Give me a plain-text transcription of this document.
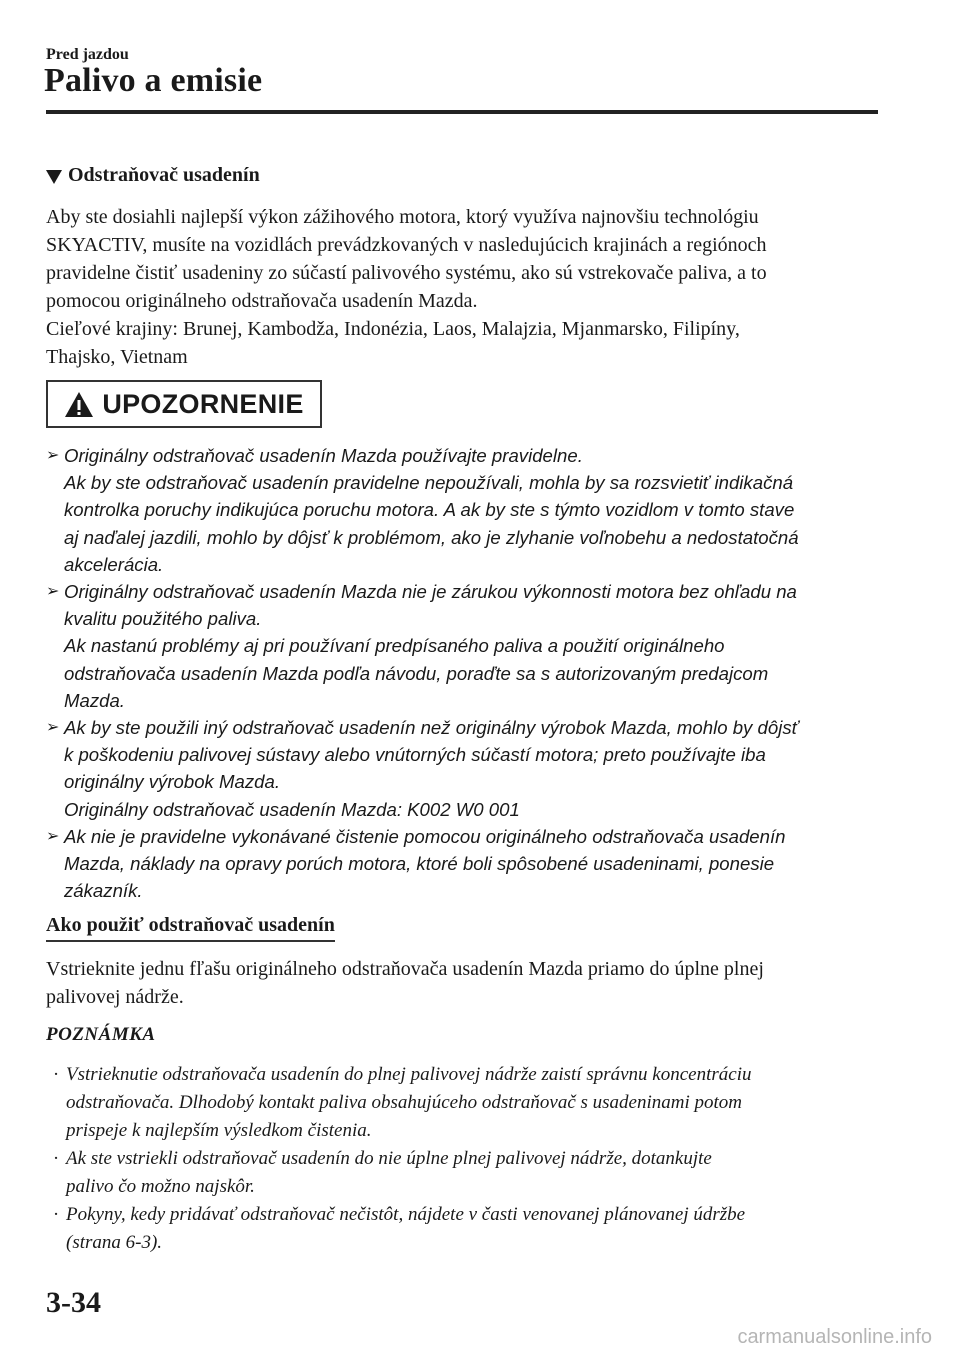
Pred jazdou
Palivo a emisie
Odstraňovač usadenín

Aby ste dosiahli najlepší výkon zážihového motora, ktorý využíva najnovšiu technológiu

SKYACTIV, musíte na vozidlách prevádzkovaných v nasledujúcich krajinách a regiónoch

pravidelne čistiť usadeniny zo súčastí palivového systému, ako sú vstrekovače paliva, a to

pomocou originálneho odstraňovača usadenín Mazda.

Cieľové krajiny: Brunej, Kambodža, Indonézia, Laos, Malajzia, Mjanmarsko, Filipíny,

Thajsko, Vietnam

UPOZORNENIE
➢ Originálny odstraňovač usadenín Mazda používajte pravidelne.
Ak by ste odstraňovač usadenín pravidelne nepoužívali, mohla by sa rozsvietiť indikačná
kontrolka poruchy indikujúca poruchu motora. A ak by ste s týmto vozidlom v tomto stave
aj naďalej jazdili, mohlo by dôjsť k problémom, ako je zlyhanie voľnobehu a nedostatočná
akcelerácia.
➢ Originálny odstraňovač usadenín Mazda nie je zárukou výkonnosti motora bez ohľadu na
kvalitu použitého paliva.
Ak nastanú problémy aj pri používaní predpísaného paliva a použití originálneho
odstraňovača usadenín Mazda podľa návodu, poraďte sa s autorizovaným predajcom
Mazda.
➢ Ak by ste použili iný odstraňovač usadenín než originálny výrobok Mazda, mohlo by dôjsť
k poškodeniu palivovej sústavy alebo vnútorných súčastí motora; preto používajte iba
originálny výrobok Mazda.
Originálny odstraňovač usadenín Mazda: K002 W0 001
➢ Ak nie je pravidelne vykonávané čistenie pomocou originálneho odstraňovača usadenín
Mazda, náklady na opravy porúch motora, ktoré boli spôsobené usadeninami, ponesie
zákazník.
Ako použiť odstraňovač usadenín
Vstrieknite jednu fľašu originálneho odstraňovača usadenín Mazda priamo do úplne plnej
palivovej nádrže.
POZNÁMKA
· Vstrieknutie odstraňovača usadenín do plnej palivovej nádrže zaistí správnu koncentráciu
odstraňovača. Dlhodobý kontakt paliva obsahujúceho odstraňovač s usadeninami potom
prispeje k najlepším výsledkom čistenia.
· Ak ste vstriekli odstraňovač usadenín do nie úplne plnej palivovej nádrže, dotankujte
palivo čo možno najskôr.
· Pokyny, kedy pridávať odstraňovač nečistôt, nájdete v časti venovanej plánovanej údržbe
(strana 6-3).
3-34
carmanualsonline.info
